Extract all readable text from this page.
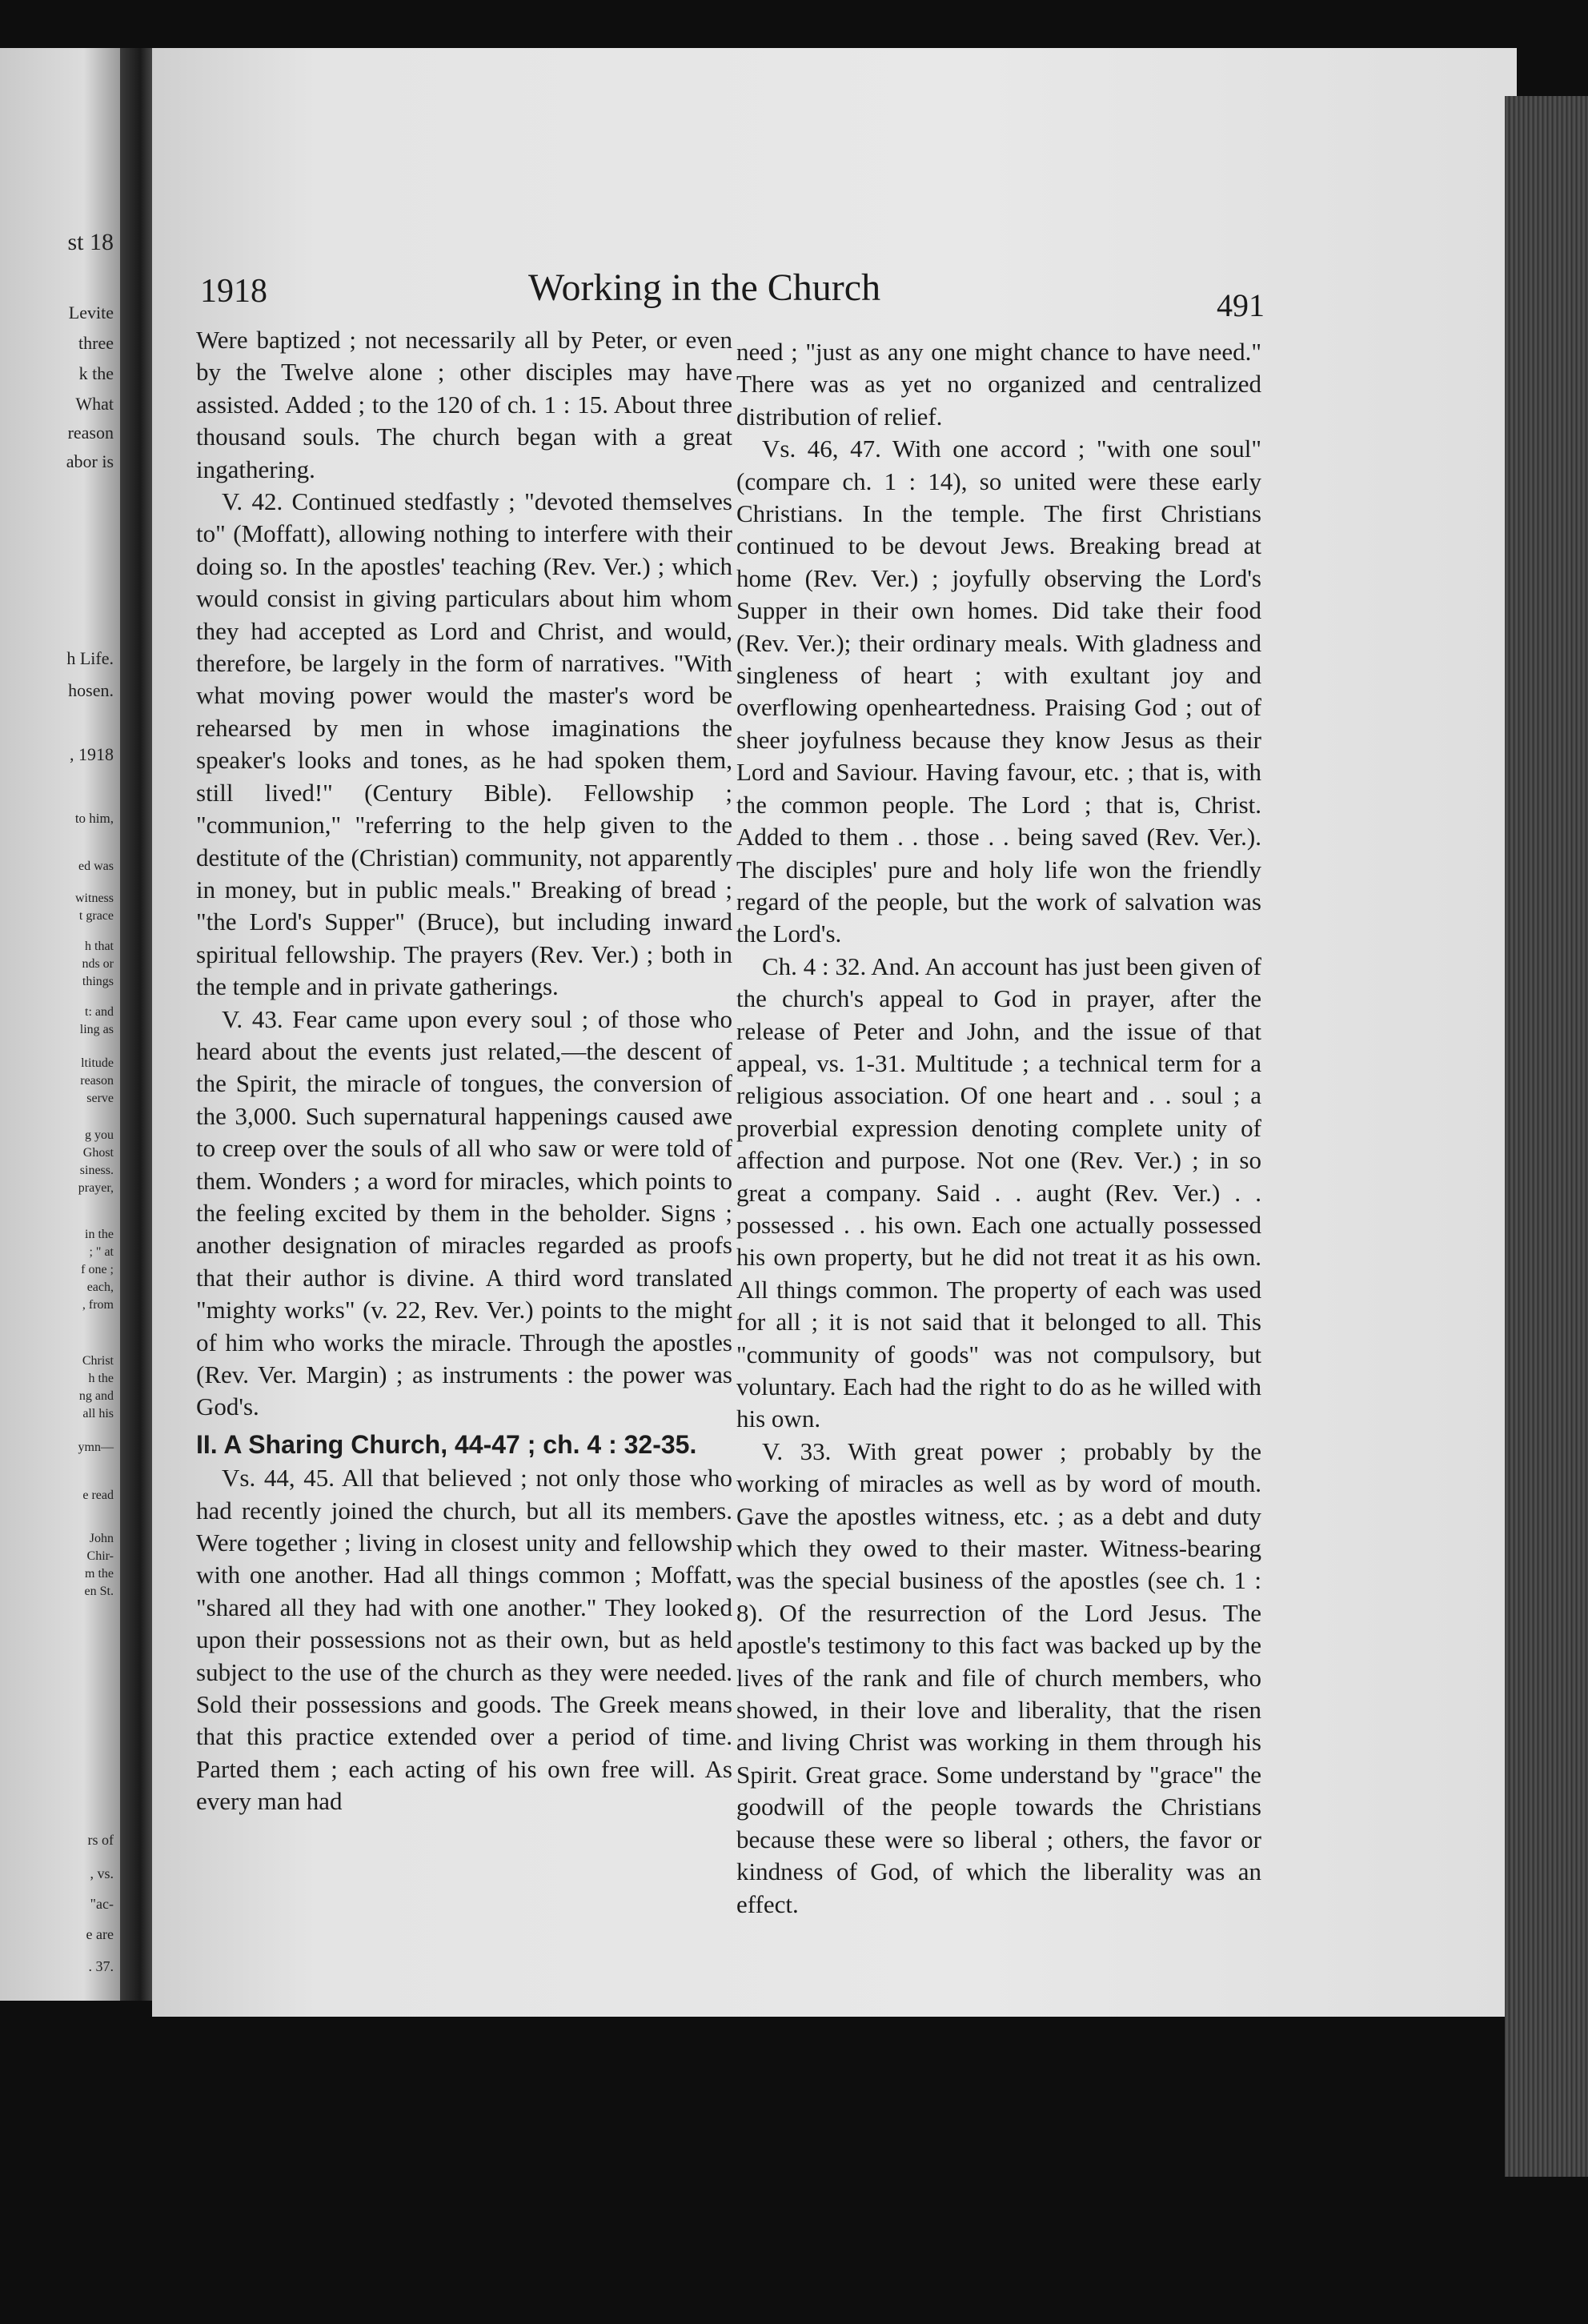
st 18
Levite
three
k the
What
reason
abor is
h Life.
hosen.
, 1918
to him,
ed was
witness
t grace
h that
nds or
things
t: and
ling as
ltitude
reason
serve
g you
Ghost
siness.
prayer,
in the
; " at
f one ;
each,
, from
Christ
h the
ng and
all his
ymn—
e read
John
Chir-
m the
en St.
rs of
, vs.
"ac-
e are
. 37.
1918	Working in the Church	491

Were baptized ; not necessarily all by Peter, or even by the Twelve alone ; other disciples may have assisted. Added ; to the 120 of ch. 1 : 15. About three thousand souls. The church began with a great ingathering.

V. 42. Continued stedfastly ; "devoted themselves to" (Moffatt), allowing nothing to interfere with their doing so. In the apostles' teaching (Rev. Ver.) ; which would consist in giving particulars about him whom they had accepted as Lord and Christ, and would, therefore, be largely in the form of narratives. "With what moving power would the master's word be rehearsed by men in whose imaginations the speaker's looks and tones, as he had spoken them, still lived!" (Century Bible). Fellowship ; "communion," "referring to the help given to the destitute of the (Christian) community, not apparently in money, but in public meals." Breaking of bread ; "the Lord's Supper" (Bruce), but including inward spiritual fellowship. The prayers (Rev. Ver.) ; both in the temple and in private gatherings.

V. 43. Fear came upon every soul ; of those who heard about the events just related,—the descent of the Spirit, the miracle of tongues, the conversion of the 3,000. Such supernatural happenings caused awe to creep over the souls of all who saw or were told of them. Wonders ; a word for miracles, which points to the feeling excited by them in the beholder. Signs ; another designation of miracles regarded as proofs that their author is divine. A third word translated "mighty works" (v. 22, Rev. Ver.) points to the might of him who works the miracle. Through the apostles (Rev. Ver. Margin) ; as instruments : the power was God's.

II. A Sharing Church, 44-47 ; ch. 4 : 32-35.

Vs. 44, 45. All that believed ; not only those who had recently joined the church, but all its members. Were together ; living in closest unity and fellowship with one another. Had all things common ; Moffatt, "shared all they had with one another." They looked upon their possessions not as their own, but as held subject to the use of the church as they were needed. Sold their possessions and goods. The Greek means that this practice extended over a period of time. Parted them ; each acting of his own free will. As every man had

need ; "just as any one might chance to have need." There was as yet no organized and centralized distribution of relief.

Vs. 46, 47. With one accord ; "with one soul" (compare ch. 1 : 14), so united were these early Christians. In the temple. The first Christians continued to be devout Jews. Breaking bread at home (Rev. Ver.) ; joyfully observing the Lord's Supper in their own homes. Did take their food (Rev. Ver.); their ordinary meals. With gladness and singleness of heart ; with exultant joy and overflowing openheartedness. Praising God ; out of sheer joyfulness because they know Jesus as their Lord and Saviour. Having favour, etc. ; that is, with the common people. The Lord ; that is, Christ. Added to them . . those . . being saved (Rev. Ver.). The disciples' pure and holy life won the friendly regard of the people, but the work of salvation was the Lord's.

Ch. 4 : 32. And. An account has just been given of the church's appeal to God in prayer, after the release of Peter and John, and the issue of that appeal, vs. 1-31. Multitude ; a technical term for a religious association. Of one heart and . . soul ; a proverbial expression denoting complete unity of affection and purpose. Not one (Rev. Ver.) ; in so great a company. Said . . aught (Rev. Ver.) . . possessed . . his own. Each one actually possessed his own property, but he did not treat it as his own. All things common. The property of each was used for all ; it is not said that it belonged to all. This "community of goods" was not compulsory, but voluntary. Each had the right to do as he willed with his own.

V. 33. With great power ; probably by the working of miracles as well as by word of mouth. Gave the apostles witness, etc. ; as a debt and duty which they owed to their master. Witness-bearing was the special business of the apostles (see ch. 1 : 8). Of the resurrection of the Lord Jesus. The apostle's testimony to this fact was backed up by the lives of the rank and file of church members, who showed, in their love and liberality, that the risen and living Christ was working in them through his Spirit. Great grace. Some understand by "grace" the goodwill of the people towards the Christians because these were so liberal ; others, the favor or kindness of God, of which the liberality was an effect.
